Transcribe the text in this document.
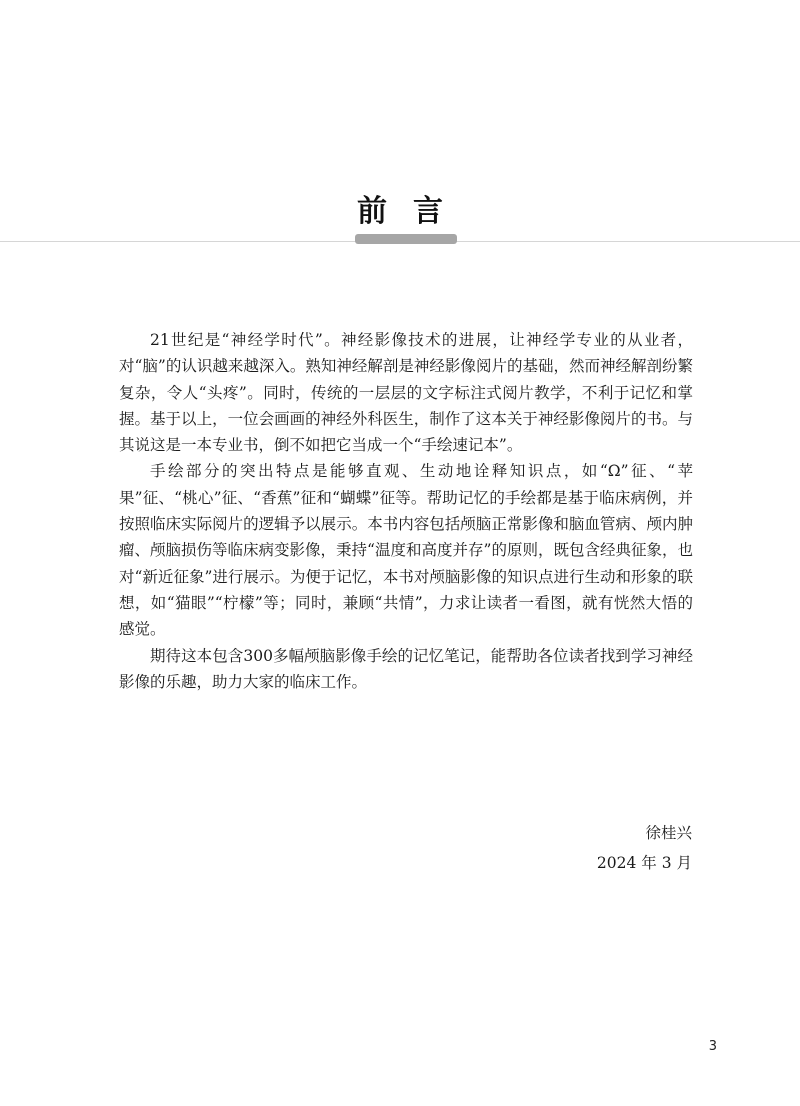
前言

21世纪是“神经学时代”。神经影像技术的进展，让神经学专业的从业者，对“脑”的认识越来越深入。熟知神经解剖是神经影像阅片的基础，然而神经解剖纷繁复杂，令人“头疼”。同时，传统的一层层的文字标注式阅片教学，不利于记忆和掌握。基于以上，一位会画画的神经外科医生，制作了这本关于神经影像阅片的书。与其说这是一本专业书，倒不如把它当成一个“手绘速记本”。

手绘部分的突出特点是能够直观、生动地诠释知识点，如“Ω”征、“苹果”征、“桃心”征、“香蕉”征和“蝴蝶”征等。帮助记忆的手绘都是基于临床病例，并按照临床实际阅片的逻辑予以展示。本书内容包括颅脑正常影像和脑血管病、颅内肿瘤、颅脑损伤等临床病变影像，秉持“温度和高度并存”的原则，既包含经典征象，也对“新近征象”进行展示。为便于记忆，本书对颅脑影像的知识点进行生动和形象的联想，如“猫眼”“柠檬”等；同时，兼顾“共情”，力求让读者一看图，就有恍然大悟的感觉。

期待这本包含300多幅颅脑影像手绘的记忆笔记，能帮助各位读者找到学习神经影像的乐趣，助力大家的临床工作。

徐桂兴
2024 年 3 月
3
